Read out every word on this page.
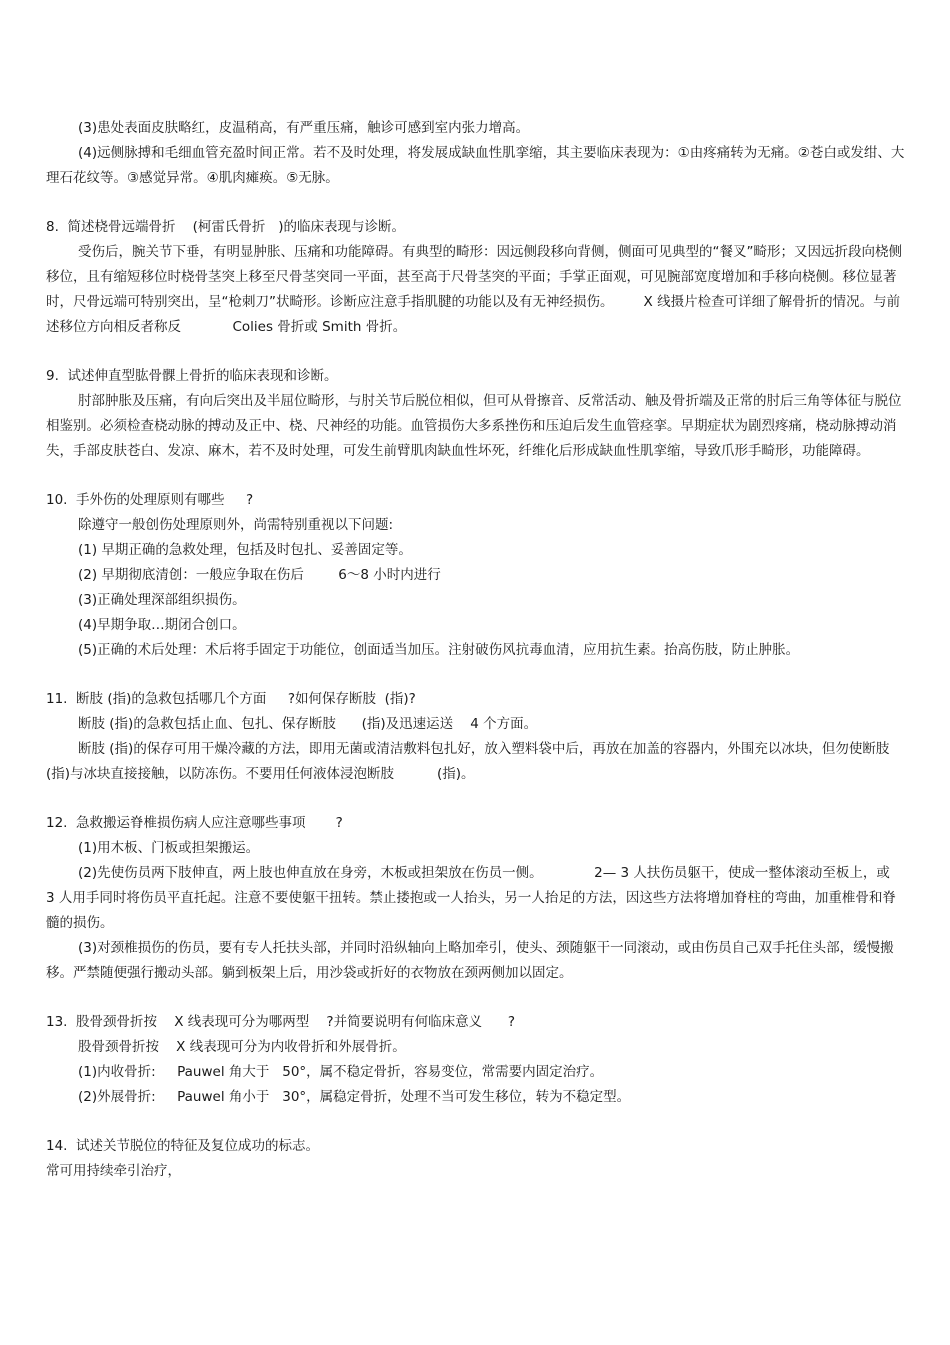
(3)患处表面皮肤略红，皮温稍高，有严重压痛，触诊可感到室内张力增高。

(4)远侧脉搏和毛细血管充盈时间正常。若不及时处理，将发展成缺血性肌挛缩，其主要临床表现为：①由疼痛转为无痛。②苍白或发绀、大理石花纹等。③感觉异常。④肌肉瘫痪。⑤无脉。

8.  简述桡骨远端骨折    (柯雷氏骨折   )的临床表现与诊断。

受伤后，腕关节下垂，有明显肿胀、压痛和功能障碍。有典型的畸形：因远侧段移向背侧，侧面可见典型的“餐叉”畸形；又因远折段向桡侧移位，且有缩短移位时桡骨茎突上移至尺骨茎突同一平面，甚至高于尺骨茎突的平面；手掌正面观，可见腕部宽度增加和手移向桡侧。移位显著时，尺骨远端可特别突出，呈“枪刺刀”状畸形。诊断应注意手指肌腱的功能以及有无神经损伤。       X 线摄片检查可详细了解骨折的情况。与前述移位方向相反者称反            Colies 骨折或 Smith 骨折。

9.  试述伸直型肱骨髁上骨折的临床表现和诊断。

肘部肿胀及压痛，有向后突出及半屈位畸形，与肘关节后脱位相似，但可从骨擦音、反常活动、触及骨折端及正常的肘后三角等体征与脱位相鉴别。必须检查桡动脉的搏动及正中、桡、尺神经的功能。血管损伤大多系挫伤和压迫后发生血管痉挛。早期症状为剧烈疼痛，桡动脉搏动消失，手部皮肤苍白、发凉、麻木，若不及时处理，可发生前臂肌肉缺血性坏死，纤维化后形成缺血性肌挛缩，导致爪形手畸形，功能障碍。

10.  手外伤的处理原则有哪些     ?

除遵守一般创伤处理原则外，尚需特别重视以下问题:

(1) 早期正确的急救处理，包括及时包扎、妥善固定等。

(2) 早期彻底清创：一般应争取在伤后        6～8 小时内进行

(3)正确处理深部组织损伤。

(4)早期争取…期闭合创口。

(5)正确的术后处理：术后将手固定于功能位，创面适当加压。注射破伤风抗毒血清，应用抗生素。抬高伤肢，防止肿胀。

11.  断肢 (指)的急救包括哪几个方面     ?如何保存断肢  (指)?

断肢 (指)的急救包括止血、包扎、保存断肢      (指)及迅速运送    4 个方面。

断肢 (指)的保存可用干燥冷藏的方法，即用无菌或清洁敷料包扎好，放入塑料袋中后，再放在加盖的容器内，外围充以冰块，但勿使断肢      (指)与冰块直接接触，以防冻伤。不要用任何液体浸泡断肢          (指)。

12.  急救搬运脊椎损伤病人应注意哪些事项       ?

(1)用木板、门板或担架搬运。

(2)先使伤员两下肢伸直，两上肢也伸直放在身旁，木板或担架放在伤员一侧。            2— 3 人扶伤员躯干，使成一整体滚动至板上，或    3 人用手同时将伤员平直托起。注意不要使躯干扭转。禁止搂抱或一人抬头，另一人抬足的方法，因这些方法将增加脊柱的弯曲，加重椎骨和脊髓的损伤。

(3)对颈椎损伤的伤员，要有专人托扶头部，并同时沿纵轴向上略加牵引，使头、颈随躯干一同滚动，或由伤员自己双手托住头部，缓慢搬移。严禁随便强行搬动头部。躺到板架上后，用沙袋或折好的衣物放在颈两侧加以固定。

13.  股骨颈骨折按    X 线表现可分为哪两型    ?并简要说明有何临床意义      ?

股骨颈骨折按    X 线表现可分为内收骨折和外展骨折。

(1)内收骨折:     Pauwel 角大于   50°，属不稳定骨折，容易变位，常需要内固定治疗。

(2)外展骨折:     Pauwel 角小于   30°，属稳定骨折，处理不当可发生移位，转为不稳定型。

14.  试述关节脱位的特征及复位成功的标志。

常可用持续牵引治疗，
